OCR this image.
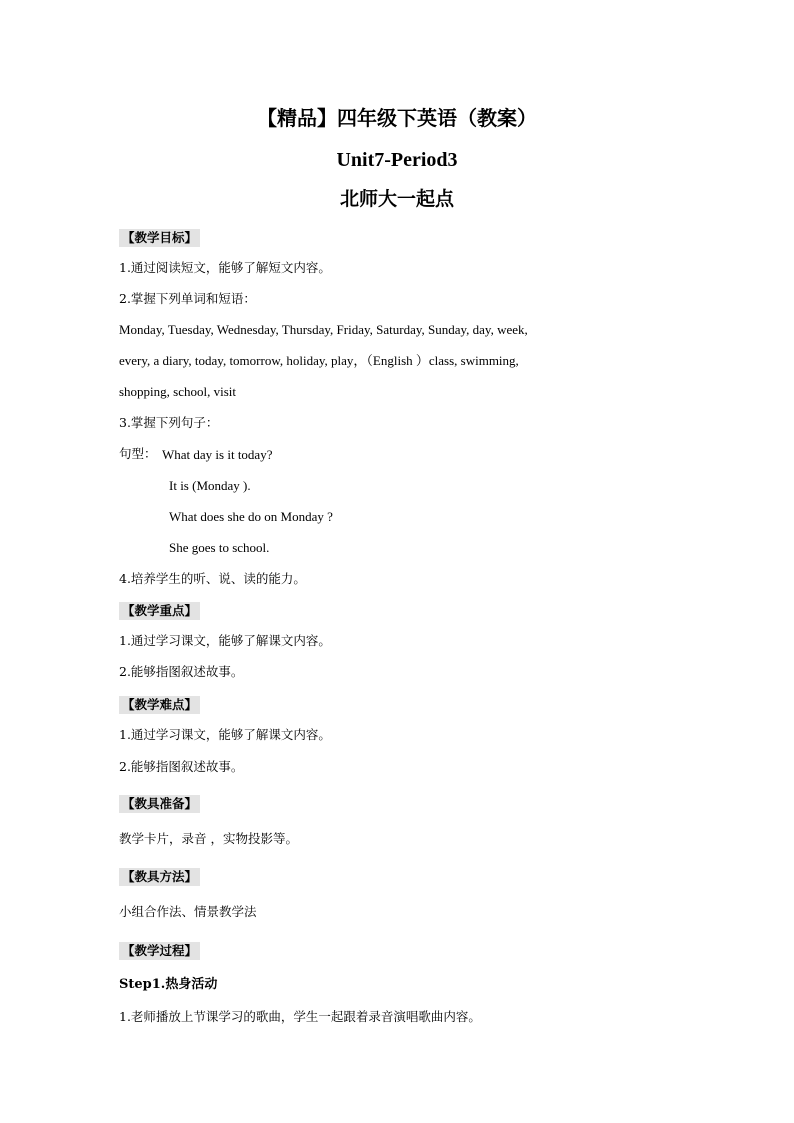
【精品】四年级下英语（教案）
Unit7-Period3
北师大一起点
【教学目标】
1.通过阅读短文，能够了解短文内容。
2.掌握下列单词和短语：
Monday, Tuesday, Wednesday, Thursday, Friday, Saturday, Sunday, day, week,
every, a diary, today, tomorrow, holiday, play，（English ）class, swimming,
shopping, school, visit
3.掌握下列句子：
句型： What day is it today?
It is (Monday ).
What does she do on Monday ?
She goes to school.
4.培养学生的听、说、读的能力。
【教学重点】
1.通过学习课文，能够了解课文内容。
2.能够指图叙述故事。
【教学难点】
1.通过学习课文，能够了解课文内容。
2.能够指图叙述故事。
【教具准备】
教学卡片，录音 ，实物投影等。
【教具方法】
小组合作法、情景教学法
【教学过程】
Step1.热身活动
1.老师播放上节课学习的歌曲，学生一起跟着录音演唱歌曲内容。
